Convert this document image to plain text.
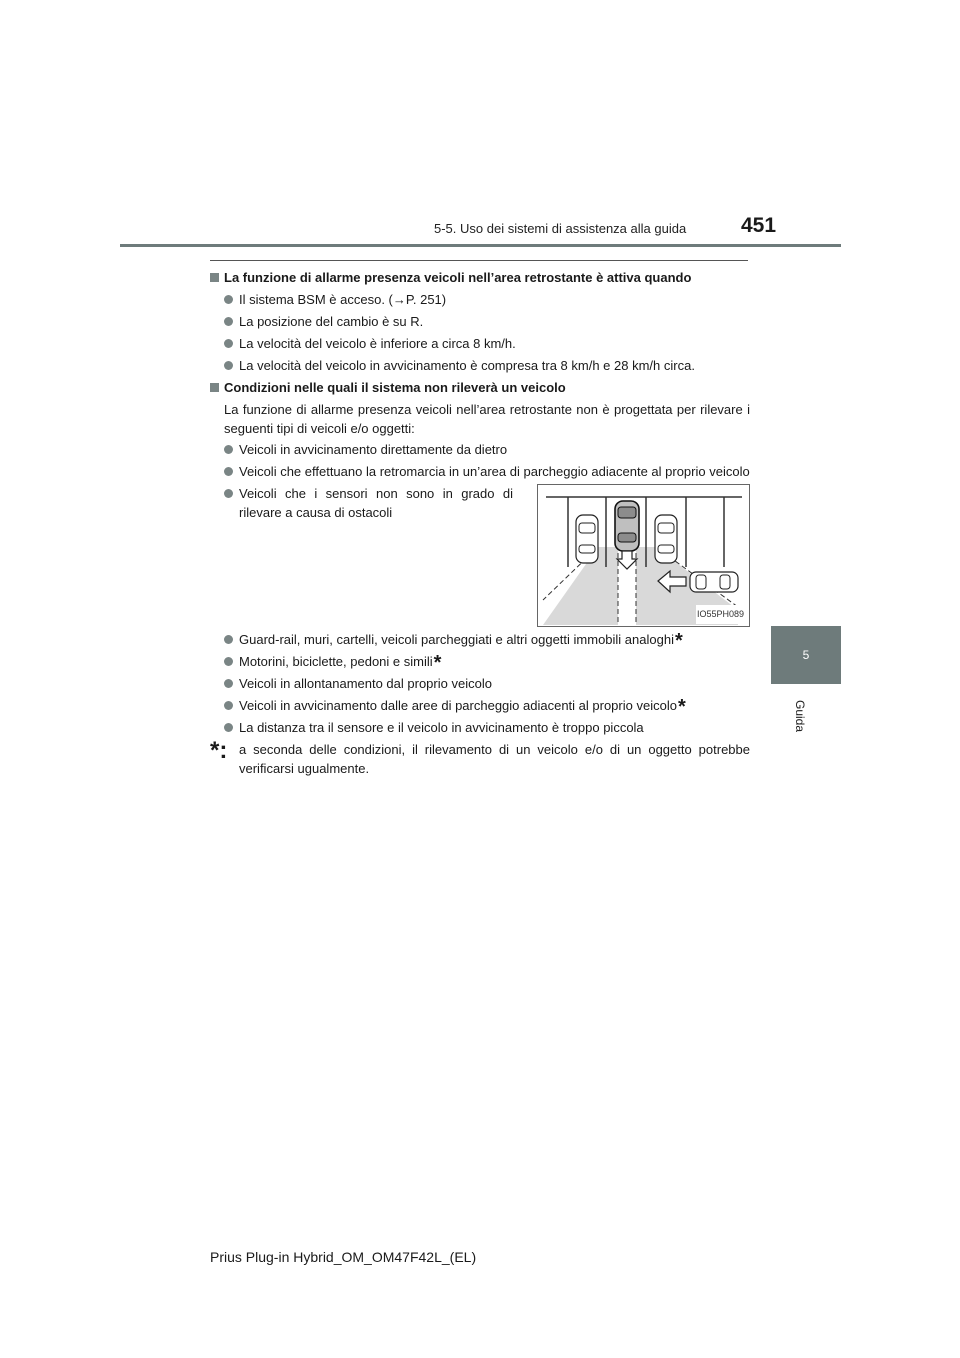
451
5-5. Uso dei sistemi di assistenza alla guida
5
Guida
La funzione di allarme presenza veicoli nell’area retrostante è attiva quando
Il sistema BSM è acceso. (→P. 251)
La posizione del cambio è su R.
La velocità del veicolo è inferiore a circa 8 km/h.
La velocità del veicolo in avvicinamento è compresa tra 8 km/h e 28 km/h circa.
Condizioni nelle quali il sistema non rileverà un veicolo
La funzione di allarme presenza veicoli nell’area retrostante non è progettata per rilevare i seguenti tipi di veicoli e/o oggetti:
Veicoli in avvicinamento direttamente da dietro
Veicoli che effettuano la retromarcia in un’area di parcheggio adiacente al proprio veicolo
Veicoli che i sensori non sono in grado di rilevare a causa di ostacoli
IO55PH089
Guard-rail, muri, cartelli, veicoli parcheggiati e altri oggetti immobili analoghi*
Motorini, biciclette, pedoni e simili*
Veicoli in allontanamento dal proprio veicolo
Veicoli in avvicinamento dalle aree di parcheggio adiacenti al proprio veicolo*
La distanza tra il sensore e il veicolo in avvicinamento è troppo piccola
*: a seconda delle condizioni, il rilevamento di un veicolo e/o di un oggetto potrebbe verificarsi ugualmente.
Prius Plug-in Hybrid_OM_OM47F42L_(EL)
